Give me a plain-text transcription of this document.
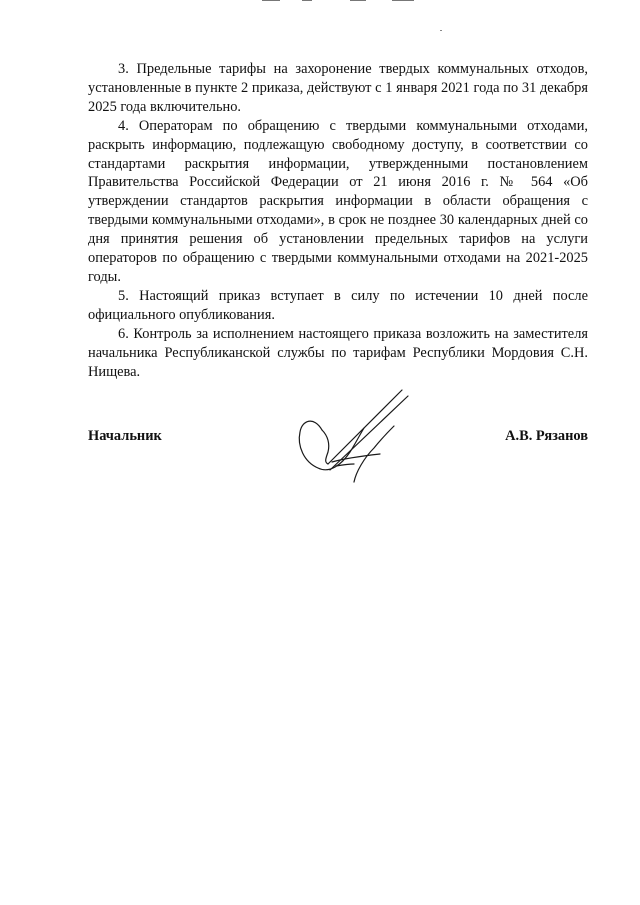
3. Предельные тарифы на захоронение твердых коммунальных отходов, установленные в пункте 2 приказа, действуют с 1 января 2021 года по 31 декабря 2025 года включительно.

4. Операторам по обращению с твердыми коммунальными отходами, раскрыть информацию, подлежащую свободному доступу, в соответствии со стандартами раскрытия информации, утвержденными постановлением Правительства Российской Федерации от 21 июня 2016 г. № 564 «Об утверждении стандартов раскрытия информации в области обращения с твердыми коммунальными отходами», в срок не позднее 30 календарных дней со дня принятия решения об установлении предельных тарифов на услуги операторов по обращению с твердыми коммунальными отходами на 2021-2025 годы.

5. Настоящий приказ вступает в силу по истечении 10 дней после официального опубликования.

6. Контроль за исполнением настоящего приказа возложить на заместителя начальника Республиканской службы по тарифам Республики Мордовия С.Н. Нищева.

Начальник	А.В. Рязанов
